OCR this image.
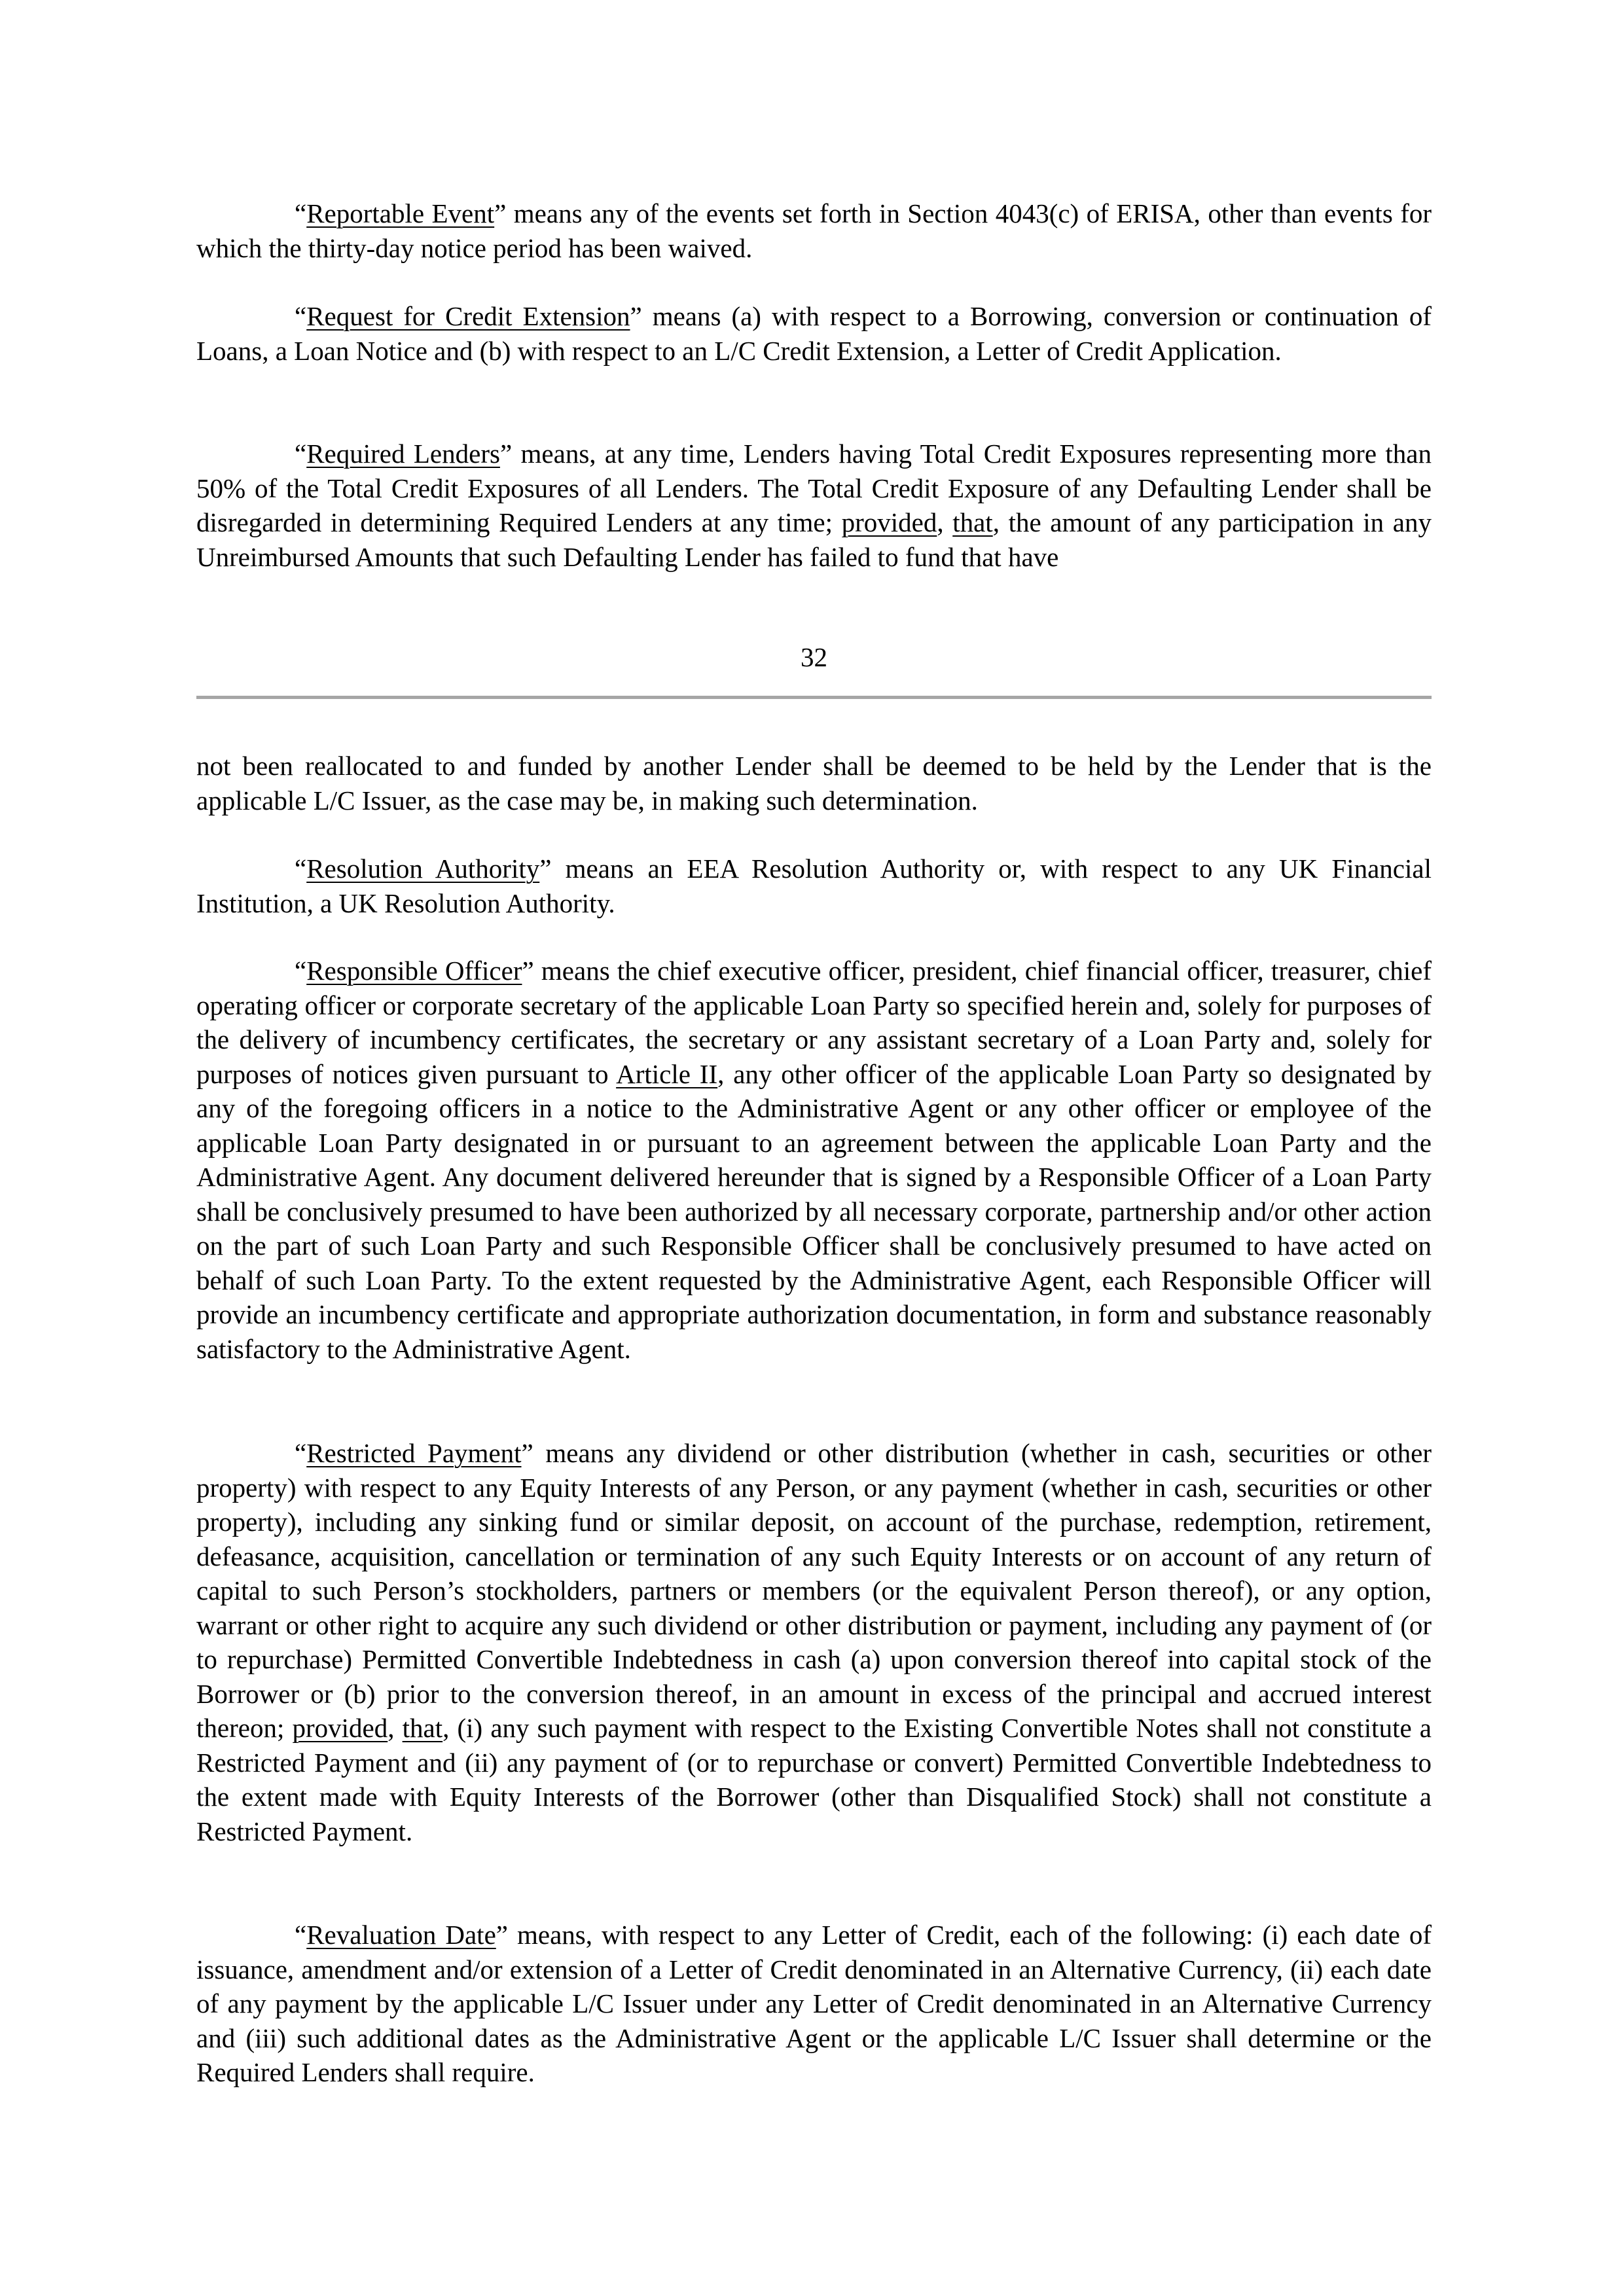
“Reportable Event” means any of the events set forth in Section 4043(c) of ERISA, other than events for which the thirty-day notice period has been waived.

“Request for Credit Extension” means (a) with respect to a Borrowing, conversion or continuation of Loans, a Loan Notice and (b) with respect to an L/C Credit Extension, a Letter of Credit Application.

“Required Lenders” means, at any time, Lenders having Total Credit Exposures representing more than 50% of the Total Credit Exposures of all Lenders. The Total Credit Exposure of any Defaulting Lender shall be disregarded in determining Required Lenders at any time; provided, that, the amount of any participation in any Unreimbursed Amounts that such Defaulting Lender has failed to fund that have

32

not been reallocated to and funded by another Lender shall be deemed to be held by the Lender that is the applicable L/C Issuer, as the case may be, in making such determination.

“Resolution Authority” means an EEA Resolution Authority or, with respect to any UK Financial Institution, a UK Resolution Authority.

“Responsible Officer” means the chief executive officer, president, chief financial officer, treasurer, chief operating officer or corporate secretary of the applicable Loan Party so specified herein and, solely for purposes of the delivery of incumbency certificates, the secretary or any assistant secretary of a Loan Party and, solely for purposes of notices given pursuant to Article II, any other officer of the applicable Loan Party so designated by any of the foregoing officers in a notice to the Administrative Agent or any other officer or employee of the applicable Loan Party designated in or pursuant to an agreement between the applicable Loan Party and the Administrative Agent. Any document delivered hereunder that is signed by a Responsible Officer of a Loan Party shall be conclusively presumed to have been authorized by all necessary corporate, partnership and/or other action on the part of such Loan Party and such Responsible Officer shall be conclusively presumed to have acted on behalf of such Loan Party. To the extent requested by the Administrative Agent, each Responsible Officer will provide an incumbency certificate and appropriate authorization documentation, in form and substance reasonably satisfactory to the Administrative Agent.

“Restricted Payment” means any dividend or other distribution (whether in cash, securities or other property) with respect to any Equity Interests of any Person, or any payment (whether in cash, securities or other property), including any sinking fund or similar deposit, on account of the purchase, redemption, retirement, defeasance, acquisition, cancellation or termination of any such Equity Interests or on account of any return of capital to such Person’s stockholders, partners or members (or the equivalent Person thereof), or any option, warrant or other right to acquire any such dividend or other distribution or payment, including any payment of (or to repurchase) Permitted Convertible Indebtedness in cash (a) upon conversion thereof into capital stock of the Borrower or (b) prior to the conversion thereof, in an amount in excess of the principal and accrued interest thereon; provided, that, (i) any such payment with respect to the Existing Convertible Notes shall not constitute a Restricted Payment and (ii) any payment of (or to repurchase or convert) Permitted Convertible Indebtedness to the extent made with Equity Interests of the Borrower (other than Disqualified Stock) shall not constitute a Restricted Payment.

“Revaluation Date” means, with respect to any Letter of Credit, each of the following: (i) each date of issuance, amendment and/or extension of a Letter of Credit denominated in an Alternative Currency, (ii) each date of any payment by the applicable L/C Issuer under any Letter of Credit denominated in an Alternative Currency and (iii) such additional dates as the Administrative Agent or the applicable L/C Issuer shall determine or the Required Lenders shall require.
